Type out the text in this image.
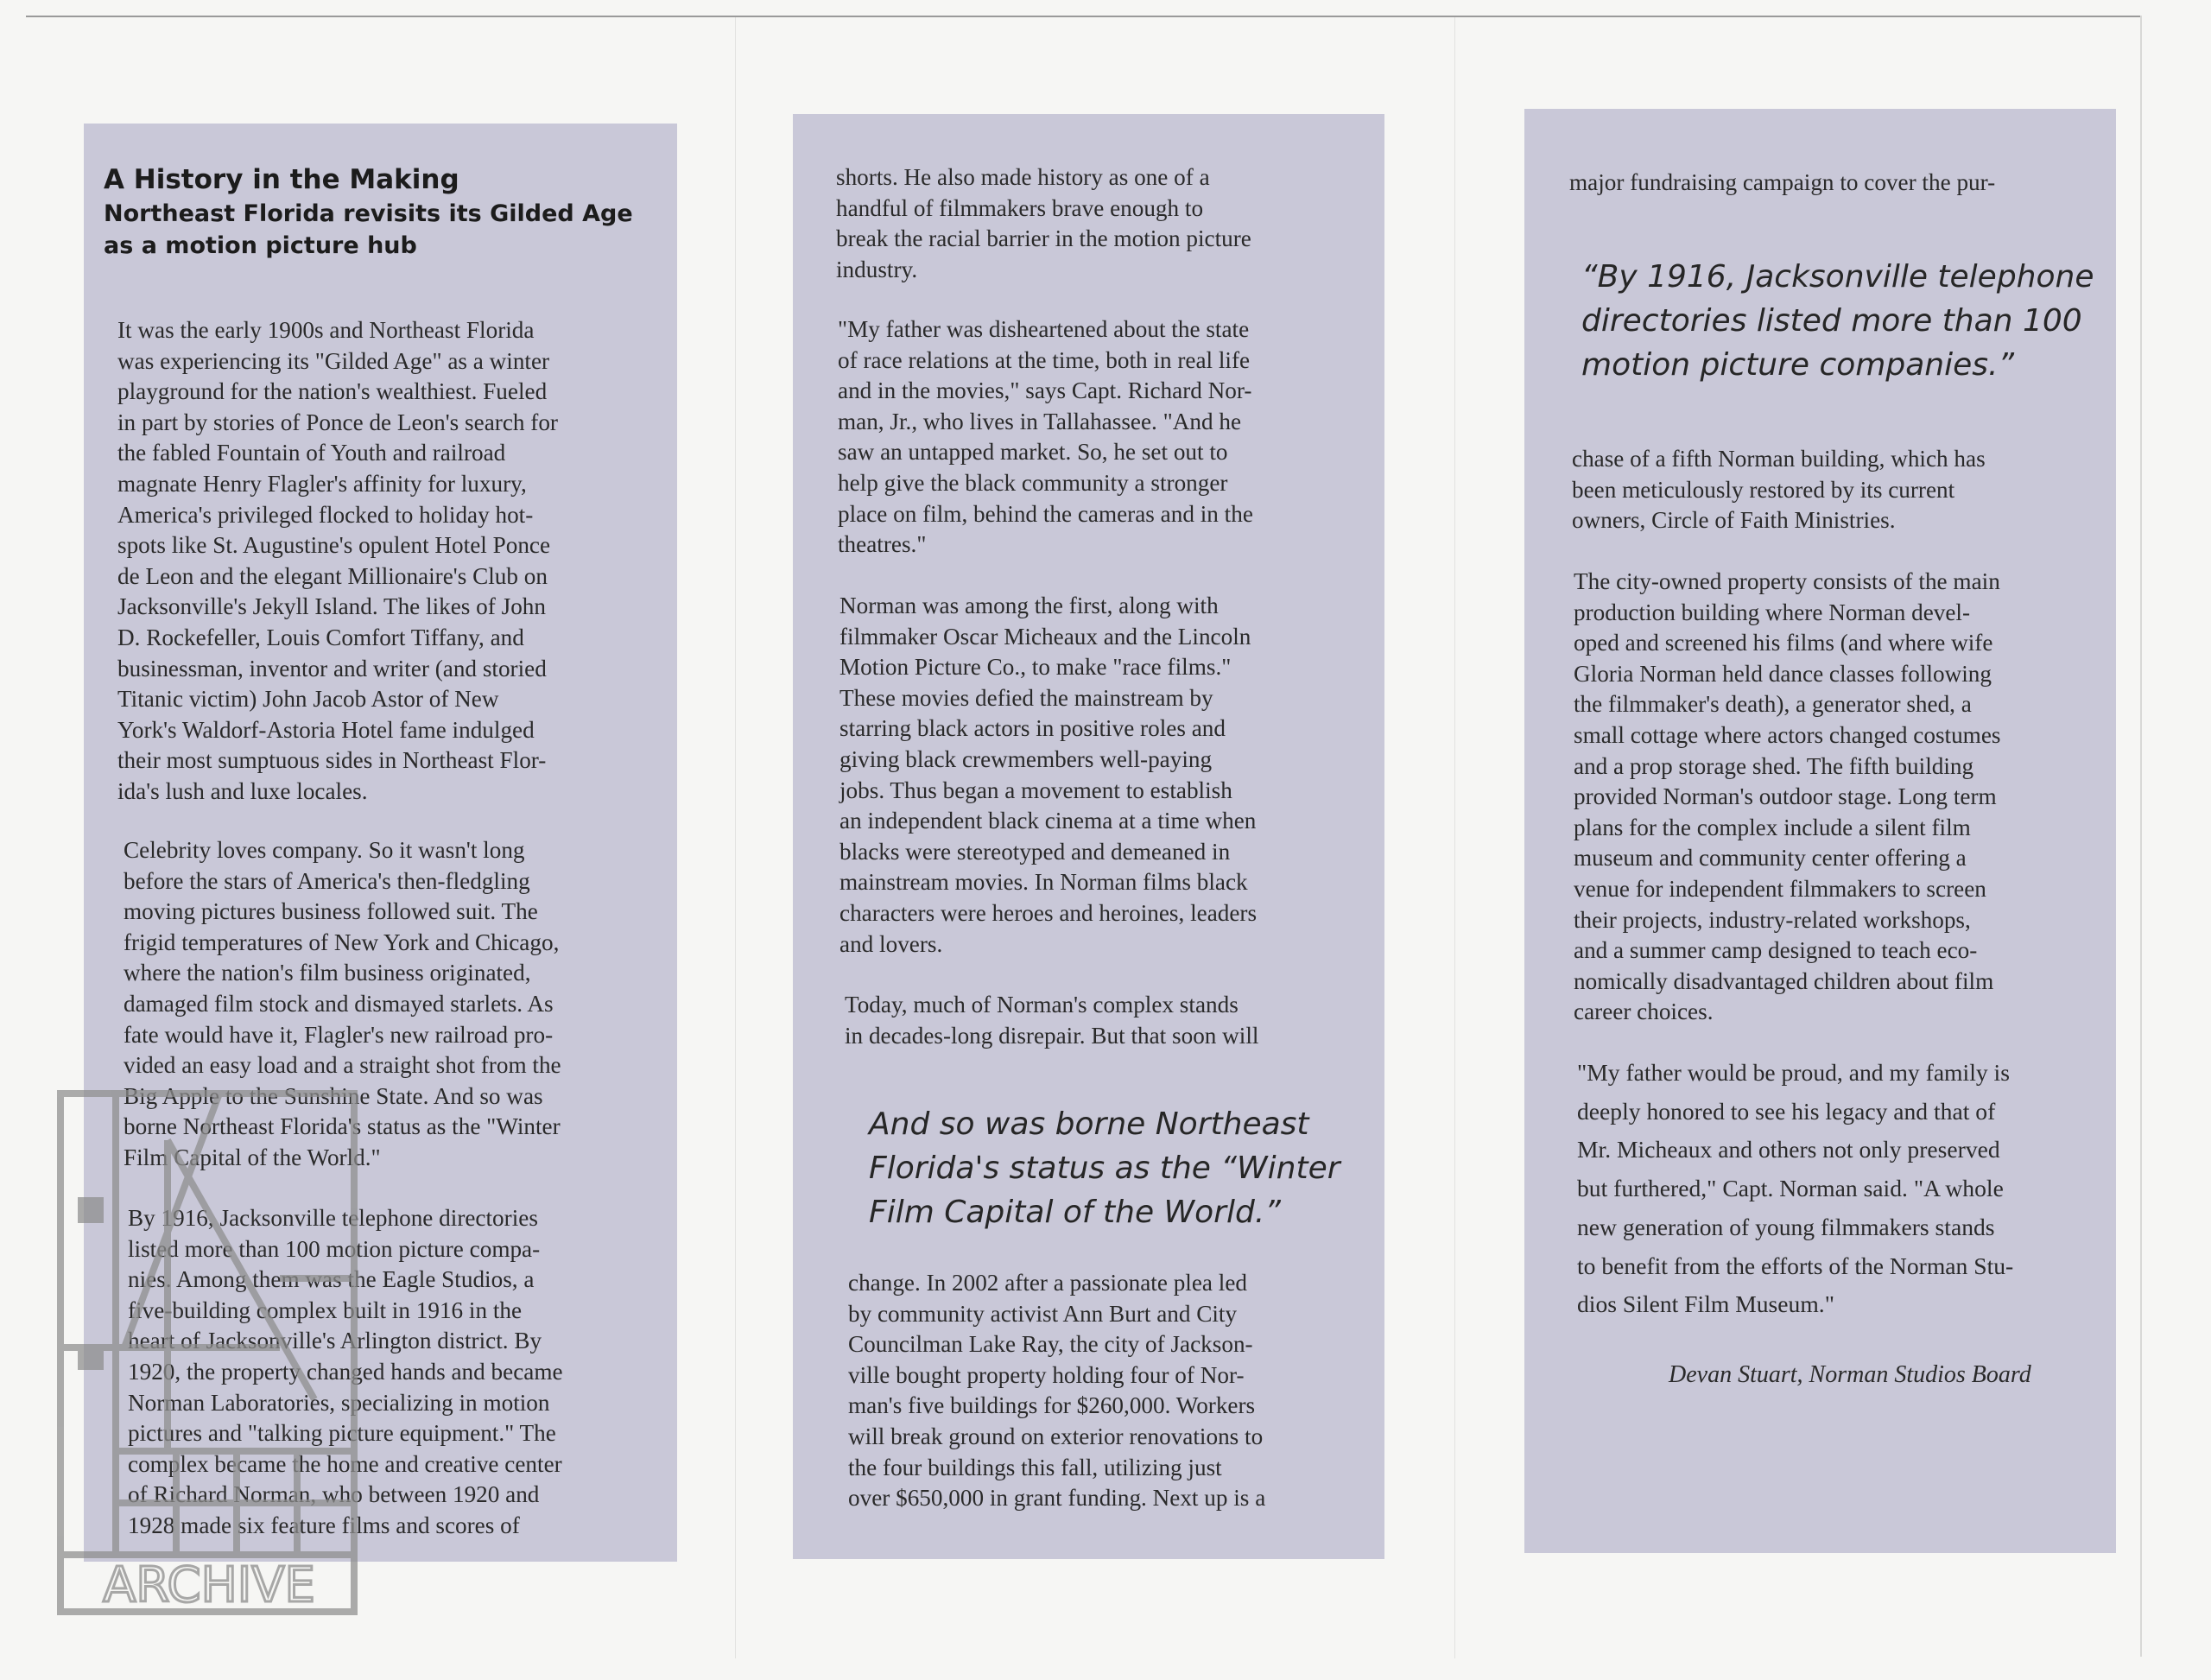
A History in the Making
Northeast Florida revisits its Gilded Age
as a motion picture hub

It was the early 1900s and Northeast Florida
was experiencing its "Gilded Age" as a winter
playground for the nation's wealthiest. Fueled
in part by stories of Ponce de Leon's search for
the fabled Fountain of Youth and railroad
magnate Henry Flagler's affinity for luxury,
America's privileged flocked to holiday hot-
spots like St. Augustine's opulent Hotel Ponce
de Leon and the elegant Millionaire's Club on
Jacksonville's Jekyll Island. The likes of John
D. Rockefeller, Louis Comfort Tiffany, and
businessman, inventor and writer (and storied
Titanic victim) John Jacob Astor of New
York's Waldorf-Astoria Hotel fame indulged
their most sumptuous sides in Northeast Flor-
ida's lush and luxe locales.

Celebrity loves company. So it wasn't long
before the stars of America's then-fledgling
moving pictures business followed suit. The
frigid temperatures of New York and Chicago,
where the nation's film business originated,
damaged film stock and dismayed starlets. As
fate would have it, Flagler's new railroad pro-
vided an easy load and a straight shot from the
Big Apple to the Sunshine State. And so was
borne Northeast Florida's status as the "Winter
Film Capital of the World."

By 1916, Jacksonville telephone directories
listed more than 100 motion picture compa-
nies. Among them was the Eagle Studios, a
five-building complex built in 1916 in the
heart of Jacksonville's Arlington district. By
1920, the property changed hands and became
Norman Laboratories, specializing in motion
pictures and "talking picture equipment." The
complex became the home and creative center
of Richard Norman, who between 1920 and
1928 made six feature films and scores of

shorts. He also made history as one of a
handful of filmmakers brave enough to
break the racial barrier in the motion picture
industry.

"My father was disheartened about the state
of race relations at the time, both in real life
and in the movies," says Capt. Richard Nor-
man, Jr., who lives in Tallahassee. "And he
saw an untapped market. So, he set out to
help give the black community a stronger
place on film, behind the cameras and in the
theatres."

Norman was among the first, along with
filmmaker Oscar Micheaux and the Lincoln
Motion Picture Co., to make "race films."
These movies defied the mainstream by
starring black actors in positive roles and
giving black crewmembers well-paying
jobs. Thus began a movement to establish
an independent black cinema at a time when
blacks were stereotyped and demeaned in
mainstream movies. In Norman films black
characters were heroes and heroines, leaders
and lovers.

Today, much of Norman's complex stands
in decades-long disrepair. But that soon will

And so was borne Northeast
Florida's status as the “Winter
Film Capital of the World.”

change. In 2002 after a passionate plea led
by community activist Ann Burt and City
Councilman Lake Ray, the city of Jackson-
ville bought property holding four of Nor-
man's five buildings for $260,000. Workers
will break ground on exterior renovations to
the four buildings this fall, utilizing just
over $650,000 in grant funding. Next up is a

major fundraising campaign to cover the pur-

“By 1916, Jacksonville telephone
directories listed more than 100
motion picture companies.”

chase of a fifth Norman building, which has
been meticulously restored by its current
owners, Circle of Faith Ministries.

The city-owned property consists of the main
production building where Norman devel-
oped and screened his films (and where wife
Gloria Norman held dance classes following
the filmmaker's death), a generator shed, a
small cottage where actors changed costumes
and a prop storage shed. The fifth building
provided Norman's outdoor stage. Long term
plans for the complex include a silent film
museum and community center offering a
venue for independent filmmakers to screen
their projects, industry-related workshops,
and a summer camp designed to teach eco-
nomically disadvantaged children about film
career choices.

"My father would be proud, and my family is
deeply honored to see his legacy and that of
Mr. Micheaux and others not only preserved
but furthered," Capt. Norman said. "A whole
new generation of young filmmakers stands
to benefit from the efforts of the Norman Stu-
dios Silent Film Museum."

Devan Stuart, Norman Studios Board

ARCHIVE
